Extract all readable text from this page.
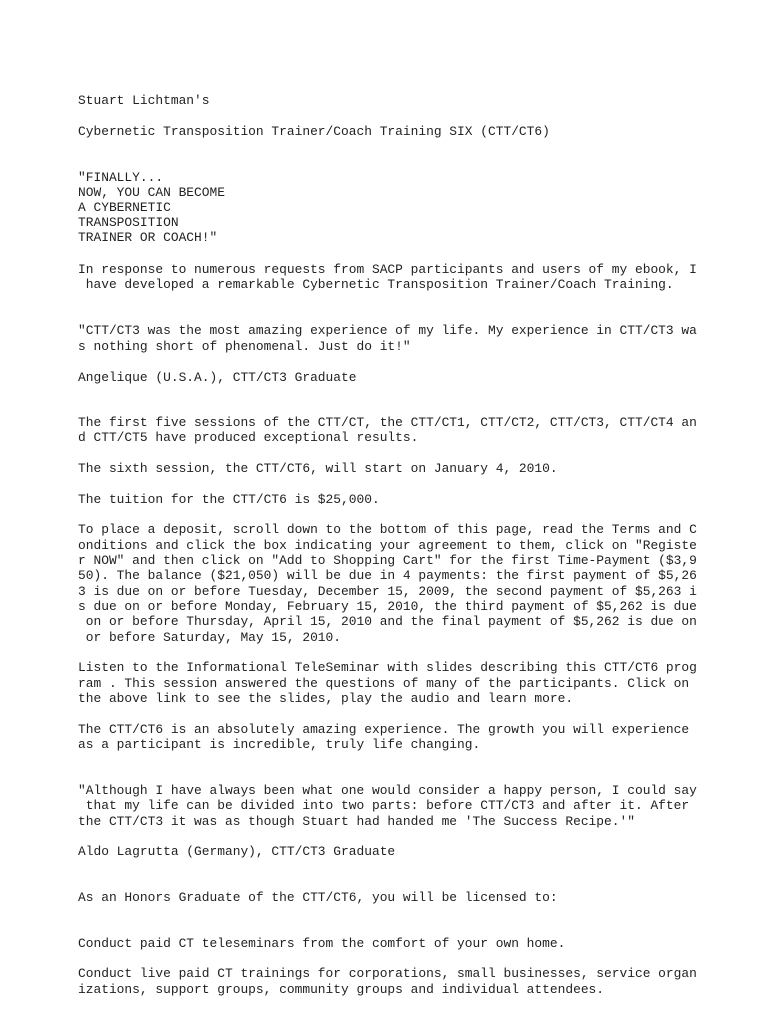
Stuart Lichtman's

Cybernetic Transposition Trainer/Coach Training SIX (CTT/CT6)

"FINALLY...

NOW, YOU CAN BECOME

A CYBERNETIC

TRANSPOSITION

TRAINER OR COACH!"

In response to numerous requests from SACP participants and users of my ebook, I

have developed a remarkable Cybernetic Transposition Trainer/Coach Training.

"CTT/CT3 was the most amazing experience of my life. My experience in CTT/CT3 wa

s nothing short of phenomenal. Just do it!"

Angelique (U.S.A.), CTT/CT3 Graduate

The first five sessions of the CTT/CT, the CTT/CT1, CTT/CT2, CTT/CT3, CTT/CT4 an

d CTT/CT5 have produced exceptional results.

The sixth session, the CTT/CT6, will start on January 4, 2010.

The tuition for the CTT/CT6 is $25,000.

To place a deposit, scroll down to the bottom of this page, read the Terms and C

onditions and click the box indicating your agreement to them, click on "Registe

r NOW" and then click on "Add to Shopping Cart" for the first Time-Payment ($3,9

50). The balance ($21,050) will be due in 4 payments: the first payment of $5,26

3 is due on or before Tuesday, December 15, 2009, the second payment of $5,263 i

s due on or before Monday, February 15, 2010, the third payment of $5,262 is due

on or before Thursday, April 15, 2010 and the final payment of $5,262 is due on

or before Saturday, May 15, 2010.

Listen to the Informational TeleSeminar with slides describing this CTT/CT6 prog

ram . This session answered the questions of many of the participants. Click on

the above link to see the slides, play the audio and learn more.

The CTT/CT6 is an absolutely amazing experience. The growth you will experience

as a participant is incredible, truly life changing.

"Although I have always been what one would consider a happy person, I could say

that my life can be divided into two parts: before CTT/CT3 and after it. After

the CTT/CT3 it was as though Stuart had handed me 'The Success Recipe.'"

Aldo Lagrutta (Germany), CTT/CT3 Graduate

As an Honors Graduate of the CTT/CT6, you will be licensed to:

Conduct paid CT teleseminars from the comfort of your own home.

Conduct live paid CT trainings for corporations, small businesses, service organ

izations, support groups, community groups and individual attendees.
